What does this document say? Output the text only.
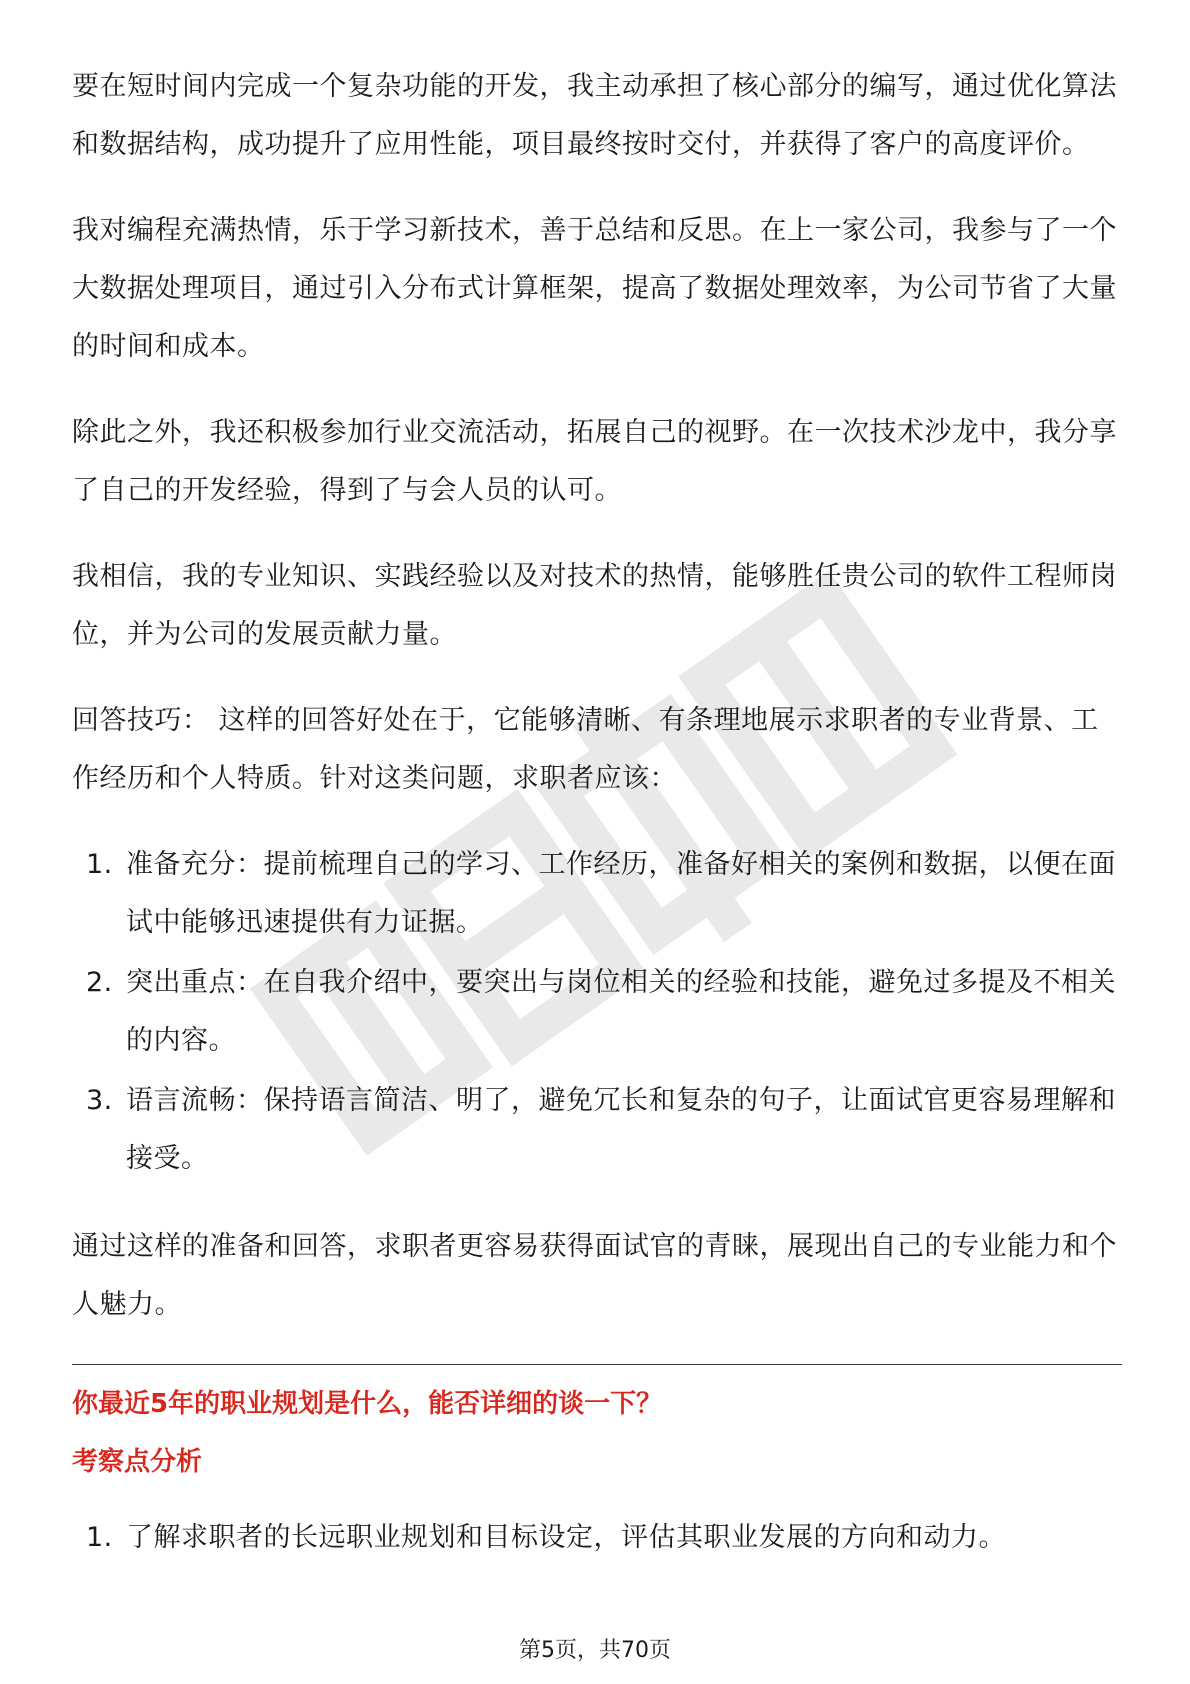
要在短时间内完成一个复杂功能的开发，我主动承担了核心部分的编写，通过优化算法和数据结构，成功提升了应用性能，项目最终按时交付，并获得了客户的高度评价。

我对编程充满热情，乐于学习新技术，善于总结和反思。在上一家公司，我参与了一个大数据处理项目，通过引入分布式计算框架，提高了数据处理效率，为公司节省了大量的时间和成本。

除此之外，我还积极参加行业交流活动，拓展自己的视野。在一次技术沙龙中，我分享了自己的开发经验，得到了与会人员的认可。

我相信，我的专业知识、实践经验以及对技术的热情，能够胜任贵公司的软件工程师岗位，并为公司的发展贡献力量。

回答技巧： 这样的回答好处在于，它能够清晰、有条理地展示求职者的专业背景、工作经历和个人特质。针对这类问题，求职者应该：

1. 准备充分：提前梳理自己的学习、工作经历，准备好相关的案例和数据，以便在面试中能够迅速提供有力证据。
2. 突出重点：在自我介绍中，要突出与岗位相关的经验和技能，避免过多提及不相关的内容。
3. 语言流畅：保持语言简洁、明了，避免冗长和复杂的句子，让面试官更容易理解和接受。

通过这样的准备和回答，求职者更容易获得面试官的青睐，展现出自己的专业能力和个人魅力。

你最近5年的职业规划是什么，能否详细的谈一下？
考察点分析
1. 了解求职者的长远职业规划和目标设定，评估其职业发展的方向和动力。
第5页，共70页
